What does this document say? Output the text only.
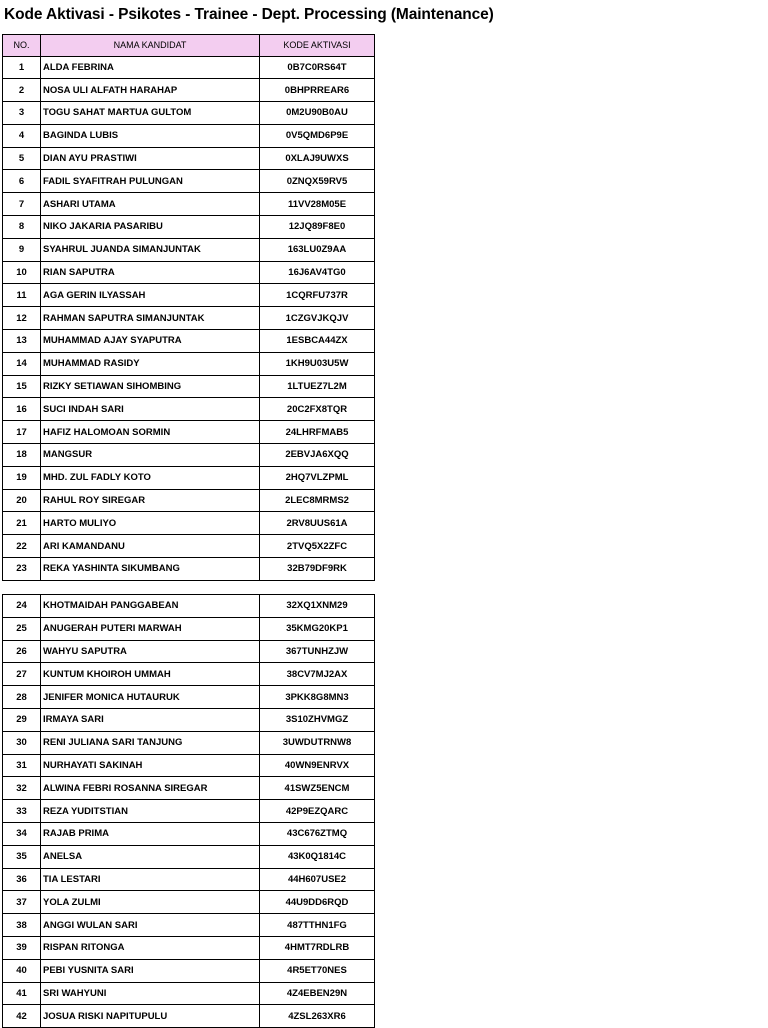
Kode Aktivasi - Psikotes - Trainee - Dept. Processing (Maintenance)
NO.	NAMA KANDIDAT	KODE AKTIVASI
1	ALDA FEBRINA	0B7C0RS64T
2	NOSA ULI ALFATH HARAHAP	0BHPRREAR6
3	TOGU SAHAT MARTUA GULTOM	0M2U90B0AU
4	BAGINDA LUBIS	0V5QMD6P9E
5	DIAN AYU PRASTIWI	0XLAJ9UWXS
6	FADIL SYAFITRAH PULUNGAN	0ZNQX59RV5
7	ASHARI UTAMA	11VV28M05E
8	NIKO JAKARIA PASARIBU	12JQ89F8E0
9	SYAHRUL JUANDA SIMANJUNTAK	163LU0Z9AA
10	RIAN SAPUTRA	16J6AV4TG0
11	AGA GERIN ILYASSAH	1CQRFU737R
12	RAHMAN SAPUTRA SIMANJUNTAK	1CZGVJKQJV
13	MUHAMMAD AJAY SYAPUTRA	1ESBCA44ZX
14	MUHAMMAD RASIDY	1KH9U03U5W
15	RIZKY SETIAWAN SIHOMBING	1LTUEZ7L2M
16	SUCI INDAH SARI	20C2FX8TQR
17	HAFIZ HALOMOAN SORMIN	24LHRFMAB5
18	MANGSUR	2EBVJA6XQQ
19	MHD. ZUL FADLY KOTO	2HQ7VLZPML
20	RAHUL ROY SIREGAR	2LEC8MRMS2
21	HARTO MULIYO	2RV8UUS61A
22	ARI KAMANDANU	2TVQ5X2ZFC
23	REKA YASHINTA SIKUMBANG	32B79DF9RK
24	KHOTMAIDAH PANGGABEAN	32XQ1XNM29
25	ANUGERAH PUTERI MARWAH	35KMG20KP1
26	WAHYU SAPUTRA	367TUNHZJW
27	KUNTUM KHOIROH UMMAH	38CV7MJ2AX
28	JENIFER MONICA HUTAURUK	3PKK8G8MN3
29	IRMAYA SARI	3S10ZHVMGZ
30	RENI JULIANA SARI TANJUNG	3UWDUTRNW8
31	NURHAYATI SAKINAH	40WN9ENRVX
32	ALWINA FEBRI ROSANNA SIREGAR	41SWZ5ENCM
33	REZA YUDITSTIAN	42P9EZQARC
34	RAJAB PRIMA	43C676ZTMQ
35	ANELSA	43K0Q1814C
36	TIA LESTARI	44H607USE2
37	YOLA ZULMI	44U9DD6RQD
38	ANGGI WULAN SARI	487TTHN1FG
39	RISPAN RITONGA	4HMT7RDLRB
40	PEBI YUSNITA SARI	4R5ET70NES
41	SRI WAHYUNI	4Z4EBEN29N
42	JOSUA RISKI NAPITUPULU	4ZSL263XR6
